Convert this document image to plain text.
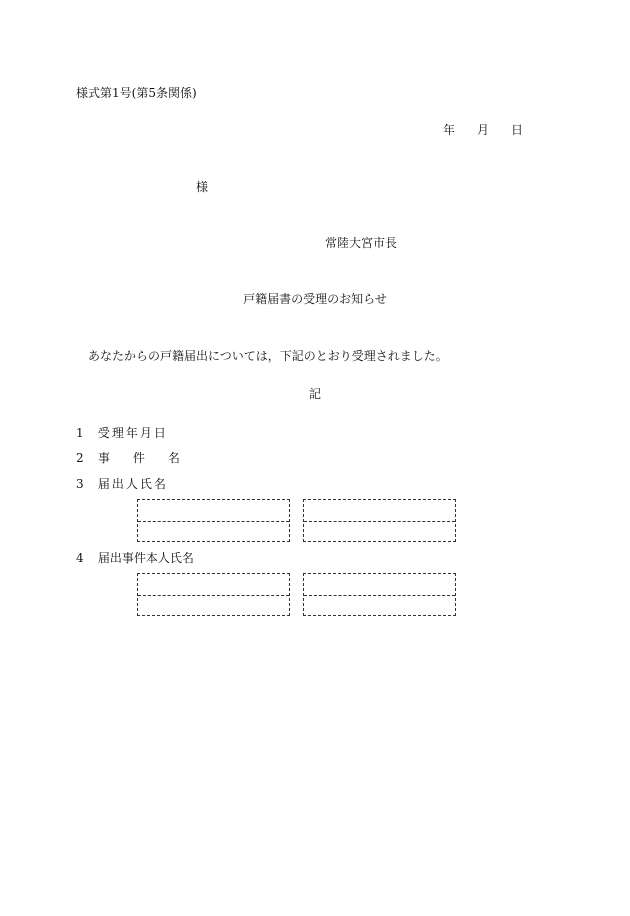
様式第1号(第5条関係)
年 月 日
様
常陸大宮市長
戸籍届書の受理のお知らせ
あなたからの戸籍届出については，下記のとおり受理されました。
記
1 受 理 年 月 日
2 事 件 名
3 届 出 人 氏 名
4 届出事件本人氏名
